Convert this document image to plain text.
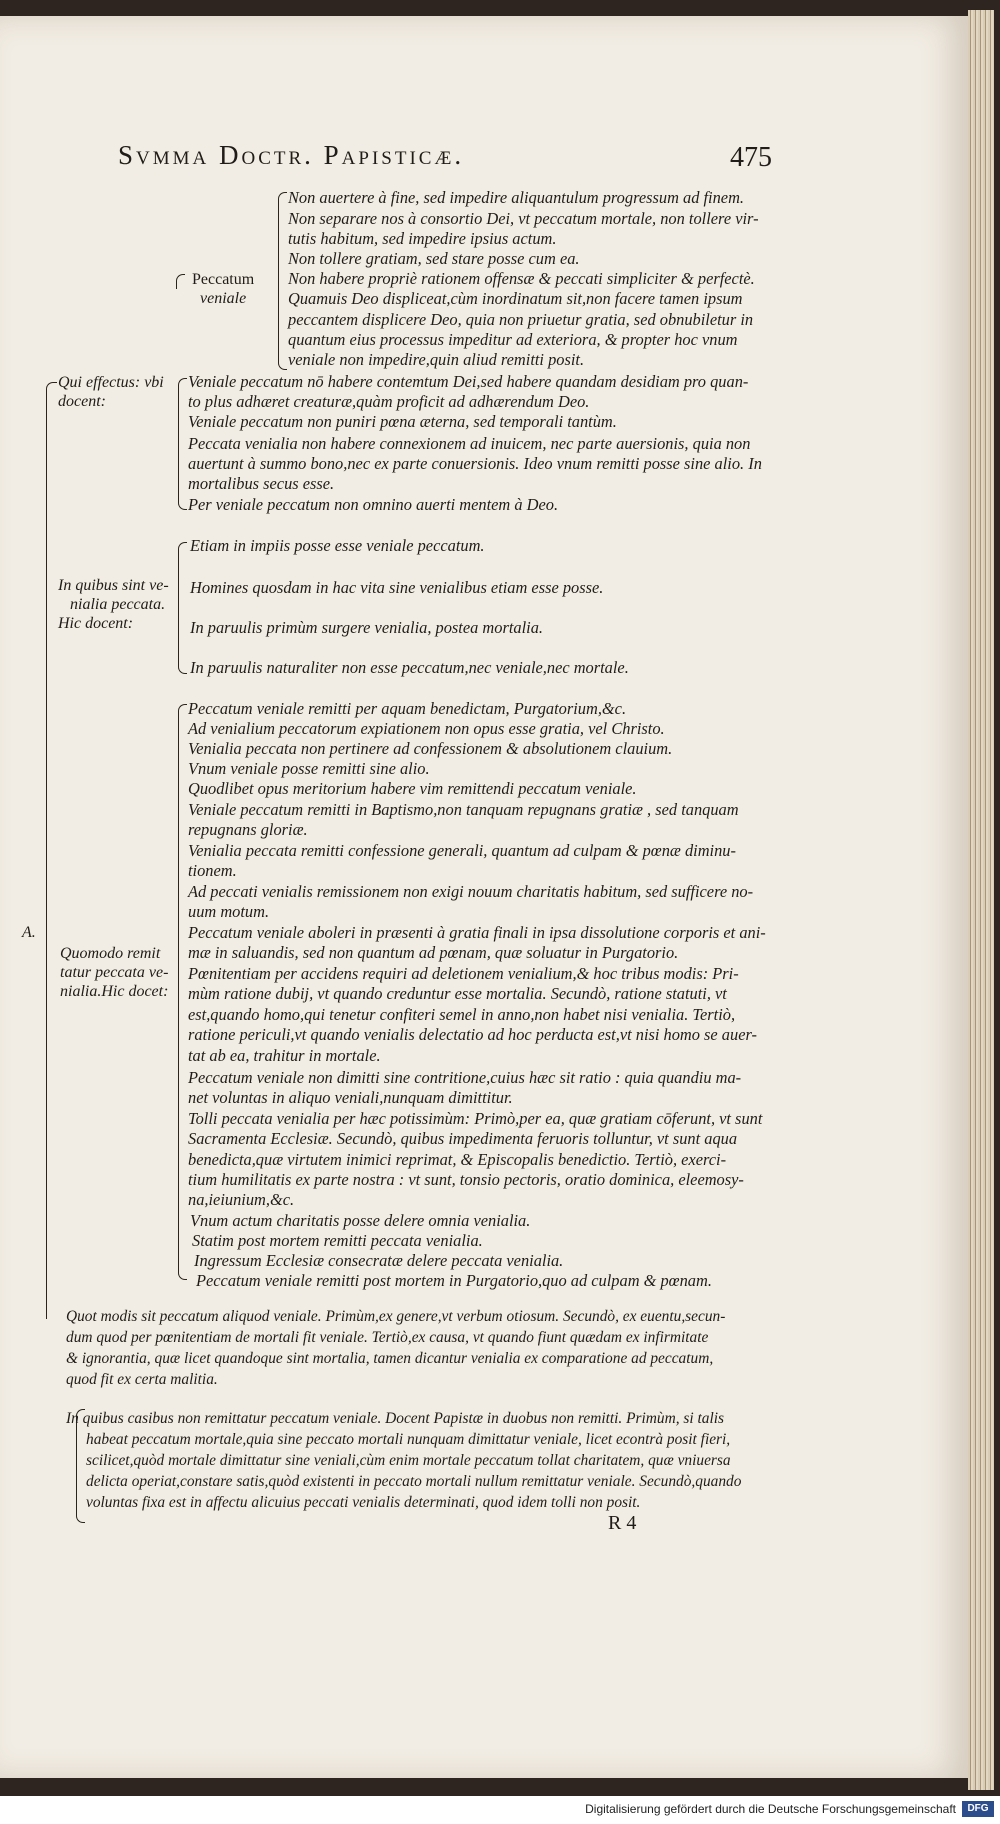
Svmma Doctr. Papisticæ.	475
A.
Peccatum
veniale
Qui effectus: vbi
docent:
In quibus sint ve-
nialia peccata.
Hic docent:
Quomodo remit
tatur peccata ve-
nialia.Hic docet:
Non auertere à fine, sed impedire aliquantulum progressum ad finem.
Non separare nos à consortio Dei, vt peccatum mortale, non tollere vir-
tutis habitum, sed impedire ipsius actum.
Non tollere gratiam, sed stare posse cum ea.
Non habere propriè rationem offensæ & peccati simpliciter & perfectè.
Quamuis Deo displiceat,cùm inordinatum sit,non facere tamen ipsum
peccantem displicere Deo, quia non priuetur gratia, sed obnubiletur in
quantum eius processus impeditur ad exteriora, & propter hoc vnum
veniale non impedire,quin aliud remitti posit.
Veniale peccatum nō habere contemtum Dei,sed habere quandam desidiam pro quan-
to plus adhæret creaturæ,quàm proficit ad adhærendum Deo.
Veniale peccatum non puniri pœna æterna, sed temporali tantùm.
Peccata venialia non habere connexionem ad inuicem, nec parte auersionis, quia non
auertunt à summo bono,nec ex parte conuersionis. Ideo vnum remitti posse sine alio. In
mortalibus secus esse.
Per veniale peccatum non omnino auerti mentem à Deo.
Etiam in impiis posse esse veniale peccatum.
Homines quosdam in hac vita sine venialibus etiam esse posse.
In paruulis primùm surgere venialia, postea mortalia.
In paruulis naturaliter non esse peccatum,nec veniale,nec mortale.
Peccatum veniale remitti per aquam benedictam, Purgatorium,&c.
Ad venialium peccatorum expiationem non opus esse gratia, vel Christo.
Venialia peccata non pertinere ad confessionem & absolutionem clauium.
Vnum veniale posse remitti sine alio.
Quodlibet opus meritorium habere vim remittendi peccatum veniale.
Veniale peccatum remitti in Baptismo,non tanquam repugnans gratiæ , sed tanquam
repugnans gloriæ.
Venialia peccata remitti confessione generali, quantum ad culpam & pœnæ diminu-
tionem.
Ad peccati venialis remissionem non exigi nouum charitatis habitum, sed sufficere no-
uum motum.
Peccatum veniale aboleri in præsenti à gratia finali in ipsa dissolutione corporis et ani-
mæ in saluandis, sed non quantum ad pœnam, quæ soluatur in Purgatorio.
Pœnitentiam per accidens requiri ad deletionem venialium,& hoc tribus modis: Pri-
mùm ratione dubij, vt quando creduntur esse mortalia. Secundò, ratione statuti, vt
est,quando homo,qui tenetur confiteri semel in anno,non habet nisi venialia. Tertiò,
ratione periculi,vt quando venialis delectatio ad hoc perducta est,vt nisi homo se auer-
tat ab ea, trahitur in mortale.
Peccatum veniale non dimitti sine contritione,cuius hæc sit ratio : quia quandiu ma-
net voluntas in aliquo veniali,nunquam dimittitur.
Tolli peccata venialia per hæc potissimùm: Primò,per ea, quæ gratiam cōferunt, vt sunt
Sacramenta Ecclesiæ. Secundò, quibus impedimenta feruoris tolluntur, vt sunt aqua
benedicta,quæ virtutem inimici reprimat, & Episcopalis benedictio. Tertiò, exerci-
tium humilitatis ex parte nostra : vt sunt, tonsio pectoris, oratio dominica, eleemosy-
na,ieiunium,&c.
Vnum actum charitatis posse delere omnia venialia.
Statim post mortem remitti peccata venialia.
Ingressum Ecclesiæ consecratæ delere peccata venialia.
Peccatum veniale remitti post mortem in Purgatorio,quo ad culpam & pœnam.
Quot modis sit peccatum aliquod veniale. Primùm,ex genere,vt verbum otiosum. Secundò, ex euentu,secun-
dum quod per pœnitentiam de mortali fit veniale. Tertiò,ex causa, vt quando fiunt quædam ex infirmitate
& ignorantia, quæ licet quandoque sint mortalia, tamen dicantur venialia ex comparatione ad peccatum,
quod fit ex certa malitia.
In quibus casibus non remittatur peccatum veniale. Docent Papistæ in duobus non remitti. Primùm, si talis
habeat peccatum mortale,quia sine peccato mortali nunquam dimittatur veniale, licet econtrà posit fieri,
scilicet,quòd mortale dimittatur sine veniali,cùm enim mortale peccatum tollat charitatem, quæ vniuersa
delicta operiat,constare satis,quòd existenti in peccato mortali nullum remittatur veniale. Secundò,quando
voluntas fixa est in affectu alicuius peccati venialis determinati, quod idem tolli non posit.
R 4
Digitalisierung gefördert durch die Deutsche Forschungsgemeinschaft	DFG
